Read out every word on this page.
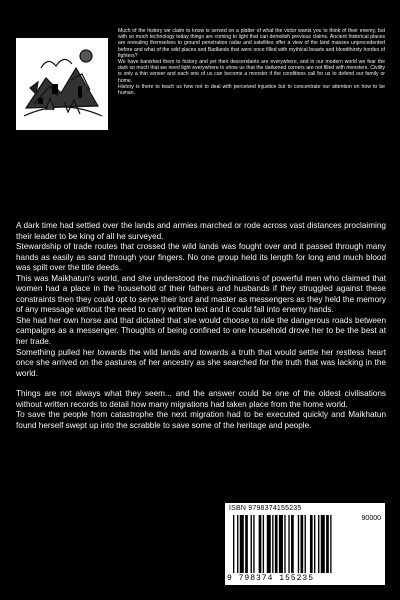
Much of the history we claim to know is served on a platter of what the victor wants you to think of their enemy, but with so much technology today things are coming to light that can demolish previous claims. Ancient historical places are revealing themselves to ground penetration radar and satellites offer a view of the land masses unprecedented before and what of the wild places and Badlands that were once filled with mythical beasts and bloodthirsty hordes of fighters?

We have banished them to history and yet their descendants are everywhere, and in our modern world we fear the dark so much that we need light everywhere to show us that the darkened corners are not filled with monsters. Civility is only a thin veneer and each one of us can become a monster if the conditions call for us to defend our family or home.

History is there to teach us how not to deal with perceived injustice but to concentrate our attention on how to be human.

A dark time had settled over the lands and armies marched or rode across vast distances proclaiming their leader to be king of all he surveyed.

Stewardship of trade routes that crossed the wild lands was fought over and it passed through many hands as easily as sand through your fingers. No one group held its length for long and much blood was spilt over the title deeds.

This was Maikhatun's world, and she understood the machinations of powerful men who claimed that women had a place in the household of their fathers and husbands if they struggled against these constraints then they could opt to serve their lord and master as messengers as they held the memory of any message without the need to carry written text and it could fall into enemy hands.

She had her own horse and that dictated that she would choose to ride the dangerous roads between campaigns as a messenger. Thoughts of being confined to one household drove her to be the best at her trade.

Something pulled her towards the wild lands and towards a truth that would settle her restless heart once she arrived on the pastures of her ancestry as she searched for the truth that was lacking in the world.

Things are not always what they seem... and the answer could be one of the oldest civilisations without written records to detail how many migrations had taken place from the home world.

To save the people from catastrophe the next migration had to be executed quickly and Maikhatun found herself swept up into the scrabble to save some of the heritage and people.

ISBN 9798374155235
90000
9 798374 155235
